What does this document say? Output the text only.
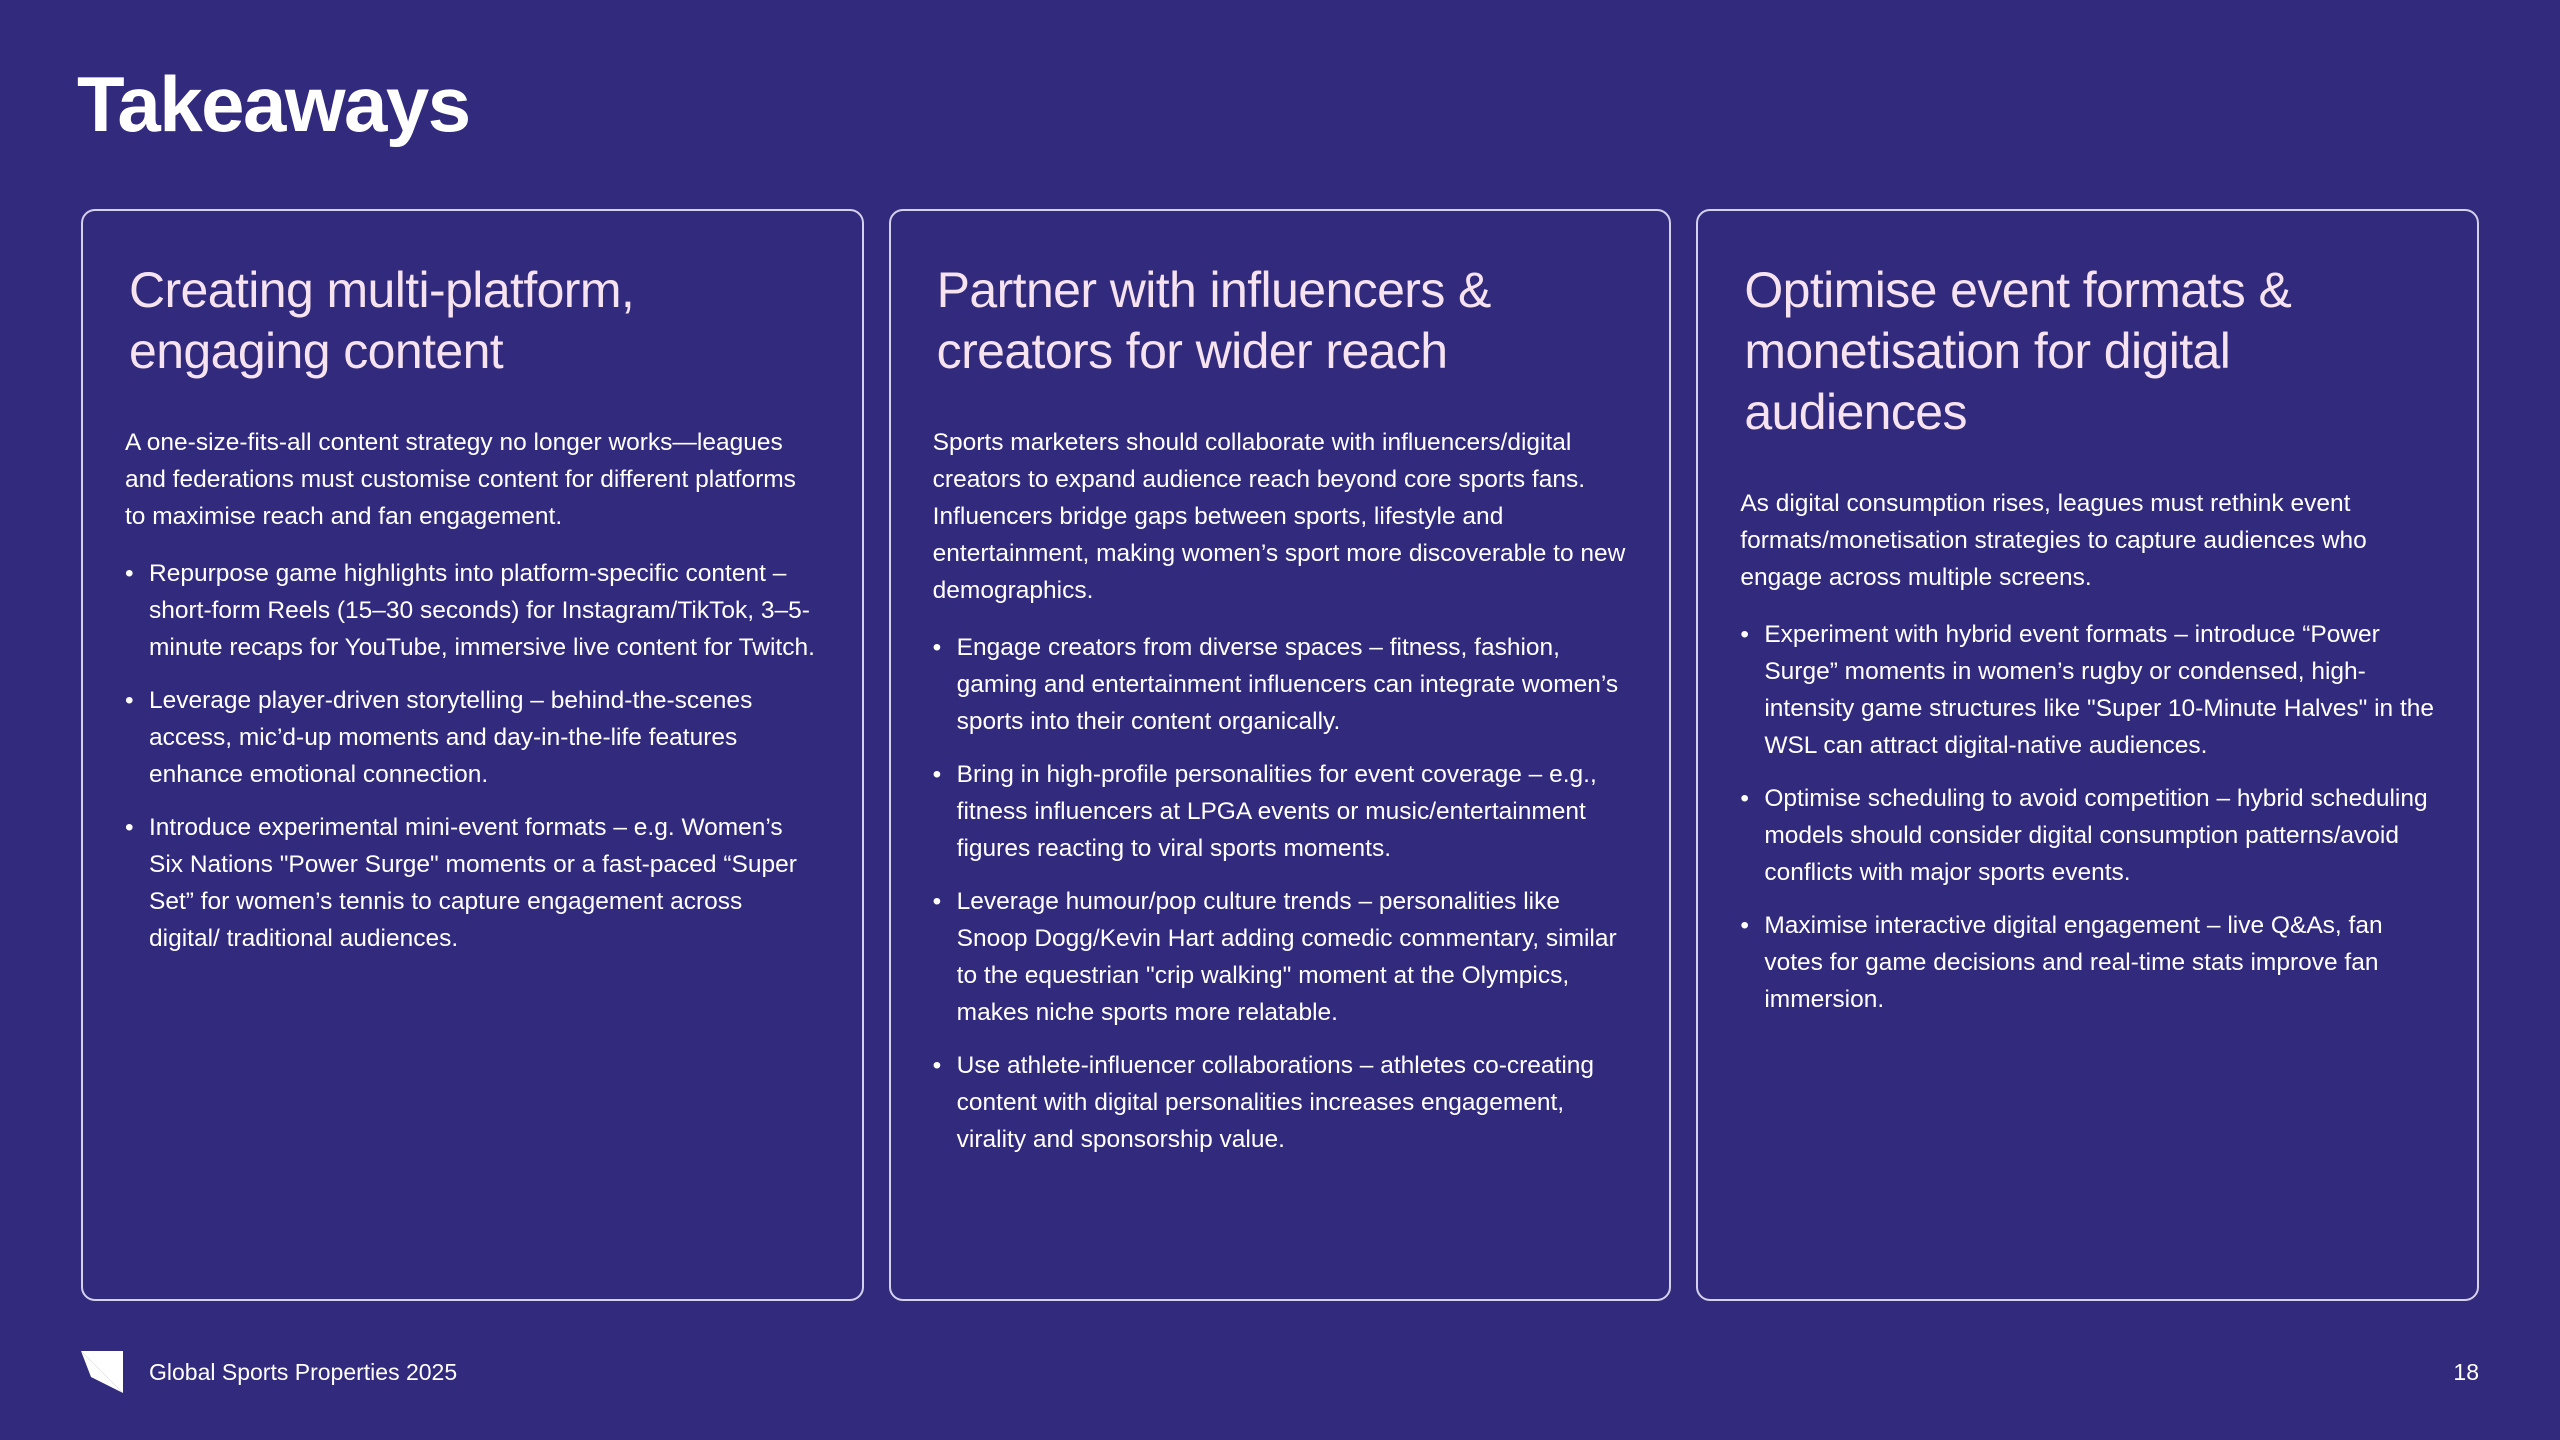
Takeaways
Creating multi-platform, engaging content

A one-size-fits-all content strategy no longer works—leagues and federations must customise content for different platforms to maximise reach and fan engagement.

• Repurpose game highlights into platform-specific content – short-form Reels (15–30 seconds) for Instagram/TikTok, 3–5-minute recaps for YouTube, immersive live content for Twitch.
• Leverage player-driven storytelling – behind-the-scenes access, mic’d-up moments and day-in-the-life features enhance emotional connection.
• Introduce experimental mini-event formats – e.g. Women’s Six Nations "Power Surge" moments or a fast-paced “Super Set” for women’s tennis to capture engagement across digital/ traditional audiences.
Partner with influencers & creators for wider reach

Sports marketers should collaborate with influencers/digital creators to expand audience reach beyond core sports fans. Influencers bridge gaps between sports, lifestyle and entertainment, making women’s sport more discoverable to new demographics.

• Engage creators from diverse spaces – fitness, fashion, gaming and entertainment influencers can integrate women’s sports into their content organically.
• Bring in high-profile personalities for event coverage – e.g., fitness influencers at LPGA events or music/entertainment figures reacting to viral sports moments.
• Leverage humour/pop culture trends – personalities like Snoop Dogg/Kevin Hart adding comedic commentary, similar to the equestrian "crip walking" moment at the Olympics, makes niche sports more relatable.
• Use athlete-influencer collaborations – athletes co-creating content with digital personalities increases engagement, virality and sponsorship value.
Optimise event formats & monetisation for digital audiences

As digital consumption rises, leagues must rethink event formats/monetisation strategies to capture audiences who engage across multiple screens.

• Experiment with hybrid event formats – introduce “Power Surge” moments in women’s rugby or condensed, high-intensity game structures like "Super 10-Minute Halves" in the WSL can attract digital-native audiences.
• Optimise scheduling to avoid competition – hybrid scheduling models should consider digital consumption patterns/avoid conflicts with major sports events.
• Maximise interactive digital engagement – live Q&As, fan votes for game decisions and real-time stats improve fan immersion.
Global Sports Properties 2025	18
